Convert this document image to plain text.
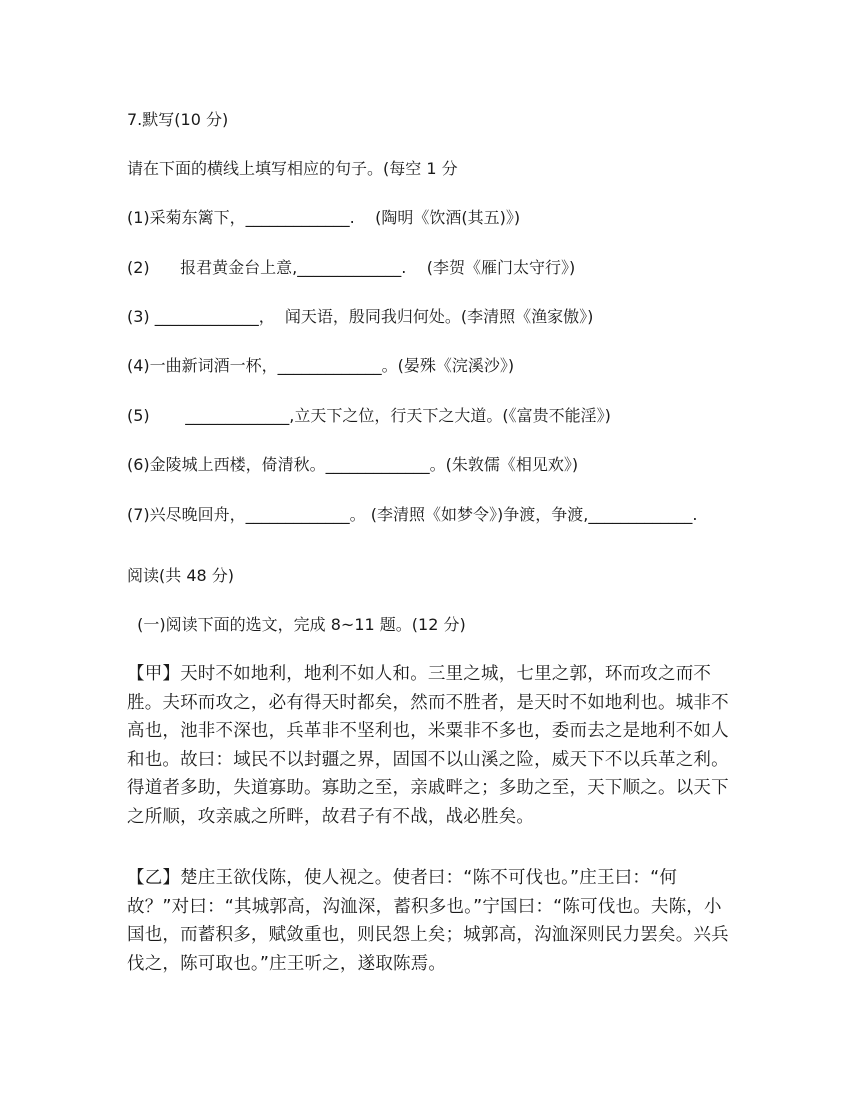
7.默写(10 分)
请在下面的横线上填写相应的句子。(每空 1 分
(1)采菊东篱下，_____________.    (陶明《饮酒(其五)》)
(2)      报君黄金台上意,_____________.    (李贺《雁门太守行》)
(3) _____________，  闻天语，殷同我归何处。(李清照《渔家傲》)
(4)一曲新词酒一杯，_____________。(晏殊《浣溪沙》)
(5)       _____________,立天下之位，行天下之大道。(《富贵不能淫》)
(6)金陵城上西楼，倚清秋。_____________。(朱敦儒《相见欢》)
(7)兴尽晚回舟，_____________。 (李清照《如梦令》)争渡，争渡,_____________.
阅读(共 48 分)
(一)阅读下面的选文，完成 8~11 题。(12 分)
【甲】天时不如地利，地利不如人和。三里之城，七里之郭，环而攻之而不胜。夫环而攻之，必有得天时都矣，然而不胜者，是天时不如地利也。城非不高也，池非不深也，兵革非不坚利也，米粟非不多也，委而去之是地利不如人和也。故曰：域民不以封疆之界，固国不以山溪之险，威天下不以兵革之利。得道者多助，失道寡助。寡助之至，亲戚畔之；多助之至，天下顺之。以天下之所顺，攻亲戚之所畔，故君子有不战，战必胜矣。
【乙】楚庄王欲伐陈，使人视之。使者曰：“陈不可伐也。”庄王曰：“何故？”对曰：“其城郭高，沟洫深，蓄积多也。”宁国曰：“陈可伐也。夫陈，小国也，而蓄积多，赋敛重也，则民怨上矣；城郭高，沟洫深则民力罢矣。兴兵伐之，陈可取也。”庄王听之，遂取陈焉。
